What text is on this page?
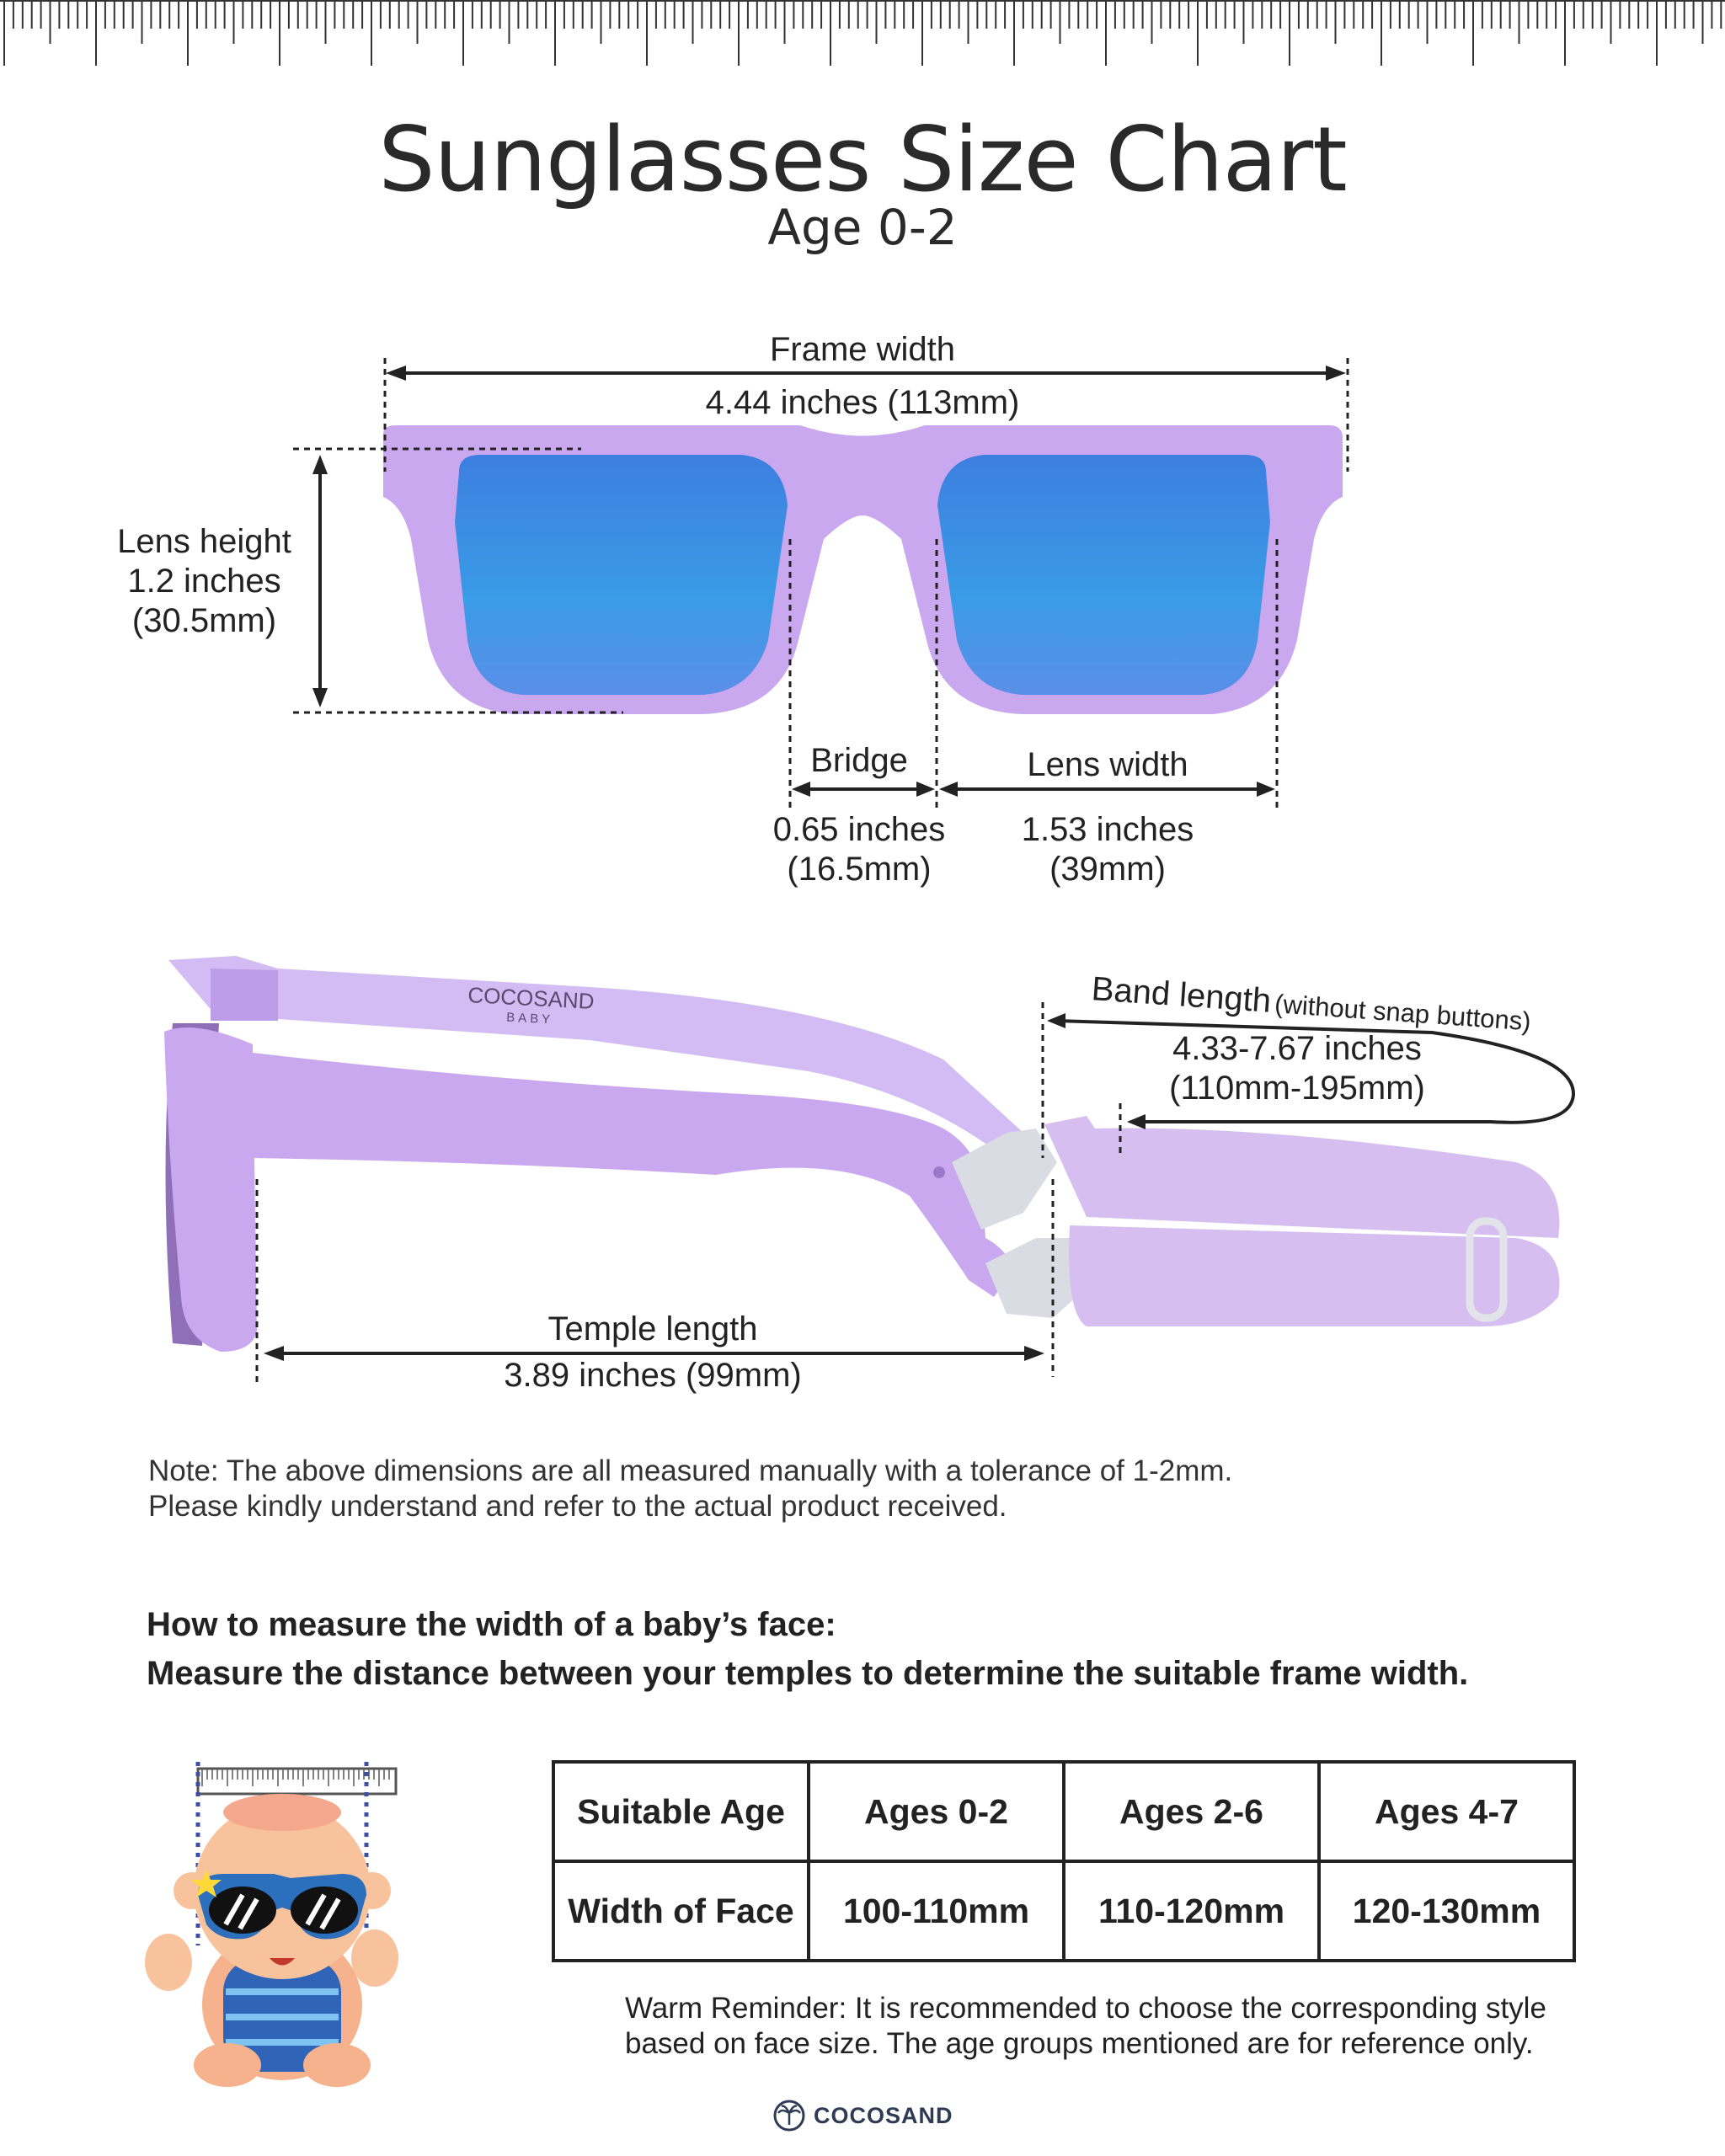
Sunglasses Size Chart
Age 0-2
Frame width
4.44 inches (113mm)
Lens height
1.2 inches
(30.5mm)
Bridge
0.65 inches
(16.5mm)
Lens width
1.53 inches
(39mm)
COCOSAND
BABY	Band length (without snap buttons)
4.33-7.67 inches
(110mm-195mm)
Temple length
3.89 inches (99mm)
Note: The above dimensions are all measured manually with a tolerance of 1-2mm.
Please kindly understand and refer to the actual product received.
How to measure the width of a baby’s face:
Measure the distance between your temples to determine the suitable frame width.
Suitable Age	Ages 0-2	Ages 2-6	Ages 4-7
Width of Face	100-110mm	110-120mm	120-130mm
Warm Reminder: It is recommended to choose the corresponding style
based on face size. The age groups mentioned are for reference only.
COCOSAND
